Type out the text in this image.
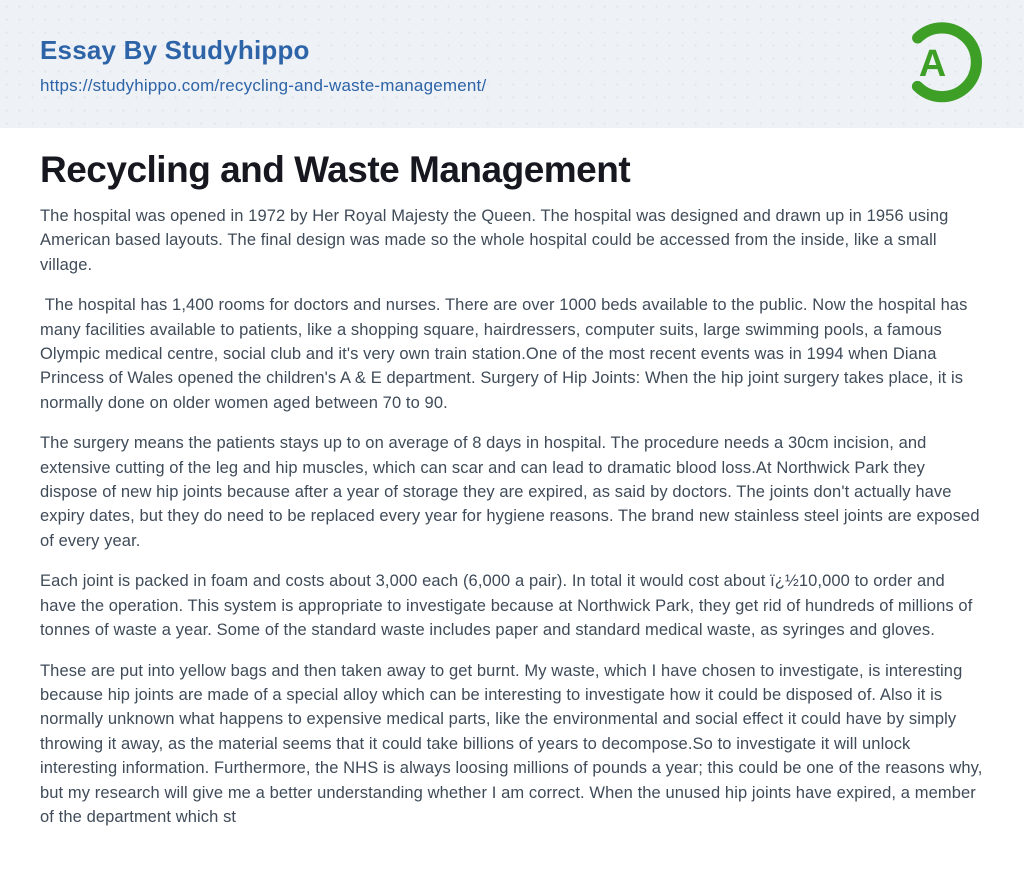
Essay By Studyhippo
https://studyhippo.com/recycling-and-waste-management/	A
Recycling and Waste Management

The hospital was opened in 1972 by Her Royal Majesty the Queen. The hospital was designed and drawn up in 1956 using American based layouts. The final design was made so the whole hospital could be accessed from the inside, like a small village.

The hospital has 1,400 rooms for doctors and nurses. There are over 1000 beds available to the public. Now the hospital has many facilities available to patients, like a shopping square, hairdressers, computer suits, large swimming pools, a famous Olympic medical centre, social club and it's very own train station.One of the most recent events was in 1994 when Diana Princess of Wales opened the children's A & E department. Surgery of Hip Joints: When the hip joint surgery takes place, it is normally done on older women aged between 70 to 90.

The surgery means the patients stays up to on average of 8 days in hospital. The procedure needs a 30cm incision, and extensive cutting of the leg and hip muscles, which can scar and can lead to dramatic blood loss.At Northwick Park they dispose of new hip joints because after a year of storage they are expired, as said by doctors. The joints don't actually have expiry dates, but they do need to be replaced every year for hygiene reasons. The brand new stainless steel joints are exposed of every year.

Each joint is packed in foam and costs about 3,000 each (6,000 a pair). In total it would cost about ï¿½10,000 to order and have the operation. This system is appropriate to investigate because at Northwick Park, they get rid of hundreds of millions of tonnes of waste a year. Some of the standard waste includes paper and standard medical waste, as syringes and gloves.

These are put into yellow bags and then taken away to get burnt. My waste, which I have chosen to investigate, is interesting because hip joints are made of a special alloy which can be interesting to investigate how it could be disposed of. Also it is normally unknown what happens to expensive medical parts, like the environmental and social effect it could have by simply throwing it away, as the material seems that it could take billions of years to decompose.So to investigate it will unlock interesting information. Furthermore, the NHS is always loosing millions of pounds a year; this could be one of the reasons why, but my research will give me a better understanding whether I am correct. When the unused hip joints have expired, a member of the department which st
